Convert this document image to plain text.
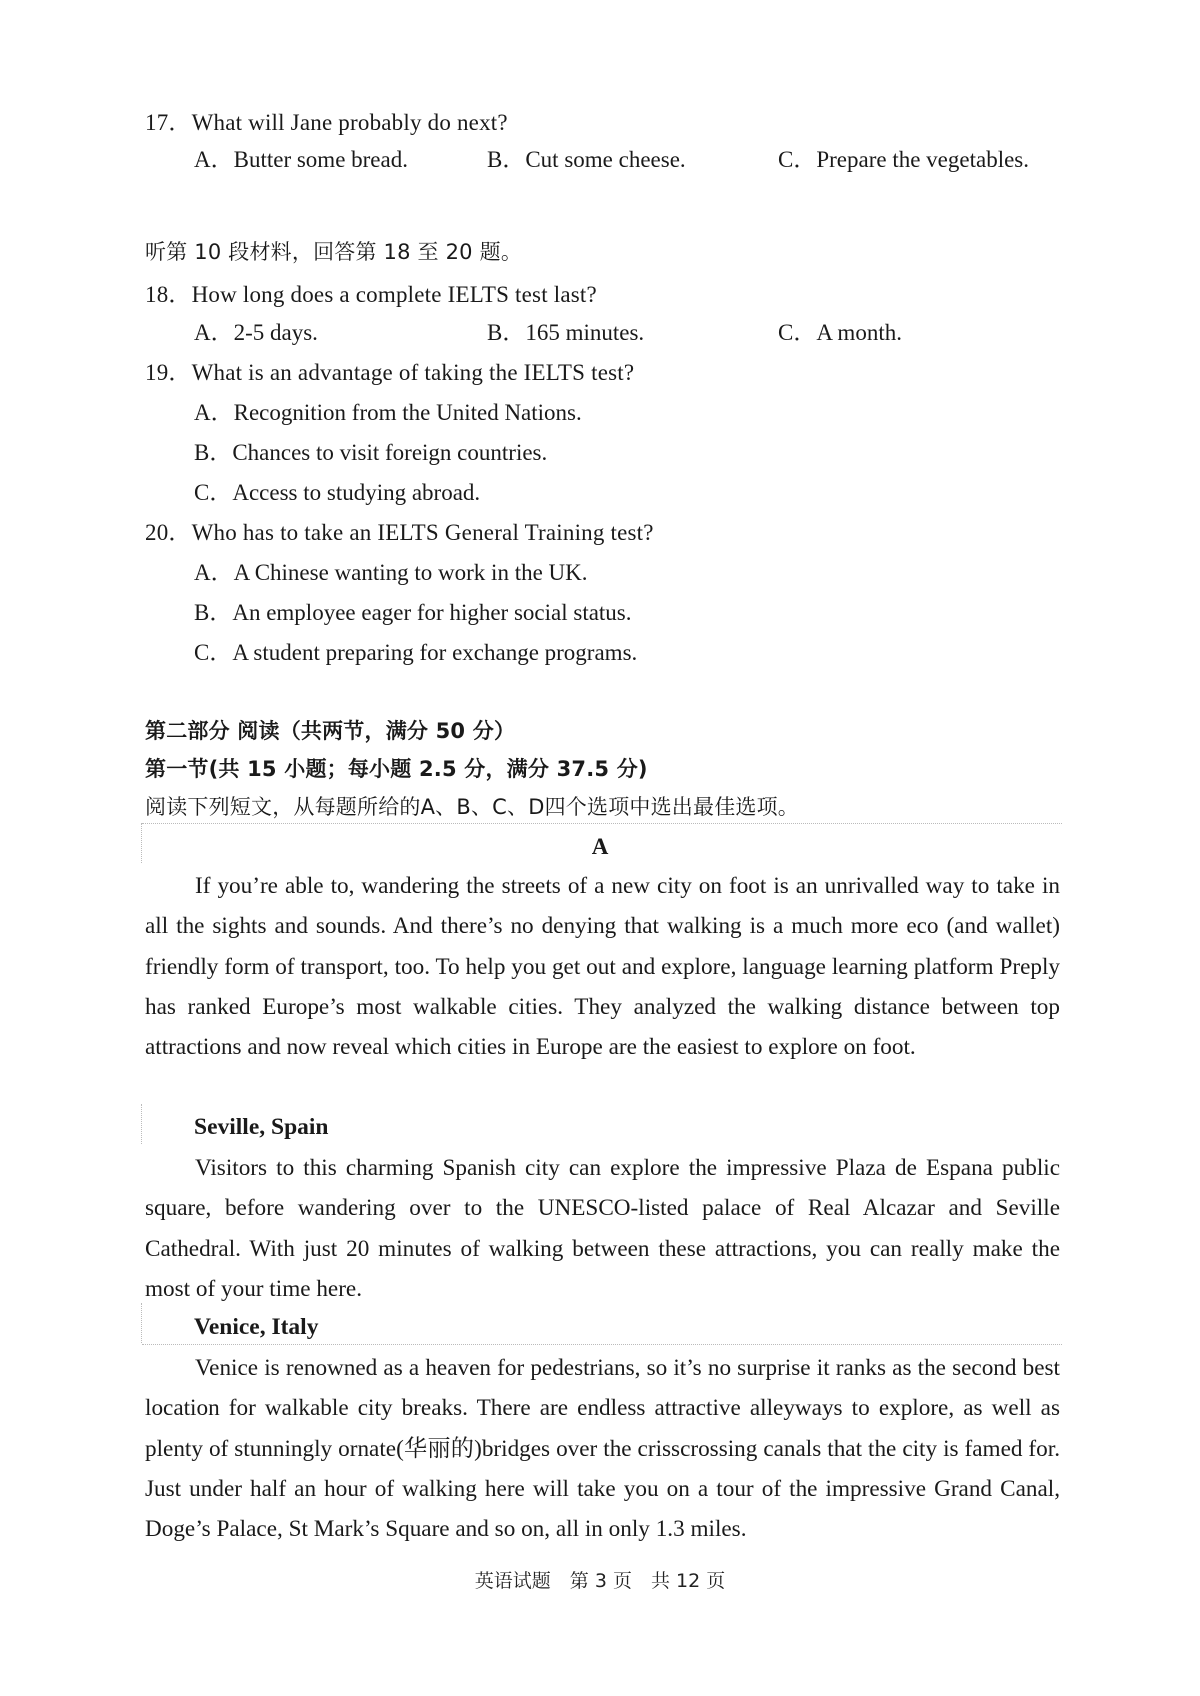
17．What will Jane probably do next?
A．Butter some bread.	B．Cut some cheese.	C．Prepare the vegetables.
听第 10 段材料，回答第 18 至 20 题。
18．How long does a complete IELTS test last?
A．2-5 days.	B．165 minutes.	C．A month.
19．What is an advantage of taking the IELTS test?
A．Recognition from the United Nations.
B．Chances to visit foreign countries.
C．Access to studying abroad.
20．Who has to take an IELTS General Training test?
A．A Chinese wanting to work in the UK.
B．An employee eager for higher social status.
C．A student preparing for exchange programs.
第二部分 阅读（共两节，满分 50 分）
第一节(共 15 小题；每小题 2.5 分，满分 37.5 分)
阅读下列短文，从每题所给的A、B、C、D四个选项中选出最佳选项。
A
If you’re able to, wandering the streets of a new city on foot is an unrivalled way to take in all the sights and sounds. And there’s no denying that walking is a much more eco (and wallet) friendly form of transport, too. To help you get out and explore, language learning platform Preply has ranked Europe’s most walkable cities. They analyzed the walking distance between top attractions and now reveal which cities in Europe are the easiest to explore on foot.
Seville, Spain
Visitors to this charming Spanish city can explore the impressive Plaza de Espana public square, before wandering over to the UNESCO-listed palace of Real Alcazar and Seville Cathedral. With just 20 minutes of walking between these attractions, you can really make the most of your time here.
Venice, Italy
Venice is renowned as a heaven for pedestrians, so it’s no surprise it ranks as the second best location for walkable city breaks. There are endless attractive alleyways to explore, as well as plenty of stunningly ornate(华丽的)bridges over the crisscrossing canals that the city is famed for. Just under half an hour of walking here will take you on a tour of the impressive Grand Canal, Doge’s Palace, St Mark’s Square and so on, all in only 1.3 miles.
英语试题　第 3 页　共 12 页
